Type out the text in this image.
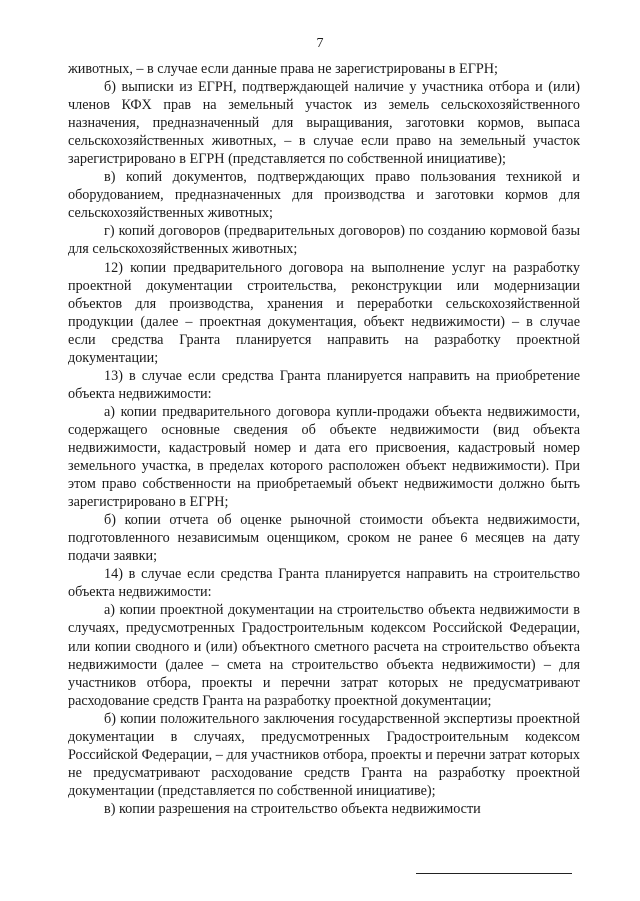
7

животных, – в случае если данные права не зарегистрированы в ЕГРН;

б) выписки из ЕГРН, подтверждающей наличие у участника отбора и (или) членов КФХ прав на земельный участок из земель сельскохозяйственного назначения, предназначенный для выращивания, заготовки кормов, выпаса сельскохозяйственных животных, – в случае если право на земельный участок зарегистрировано в ЕГРН (представляется по собственной инициативе);

в) копий документов, подтверждающих право пользования техникой и оборудованием, предназначенных для производства и заготовки кормов для сельскохозяйственных животных;

г) копий договоров (предварительных договоров) по созданию кормовой базы для сельскохозяйственных животных;

12) копии предварительного договора на выполнение услуг на разработку проектной документации строительства, реконструкции или модернизации объектов для производства, хранения и переработки сельскохозяйственной продукции (далее – проектная документация, объект недвижимости) – в случае если средства Гранта планируется направить на разработку проектной документации;

13) в случае если средства Гранта планируется направить на приобретение объекта недвижимости:

а) копии предварительного договора купли-продажи объекта недвижимости, содержащего основные сведения об объекте недвижимости (вид объекта недвижимости, кадастровый номер и дата его присвоения, кадастровый номер земельного участка, в пределах которого расположен объект недвижимости). При этом право собственности на приобретаемый объект недвижимости должно быть зарегистрировано в ЕГРН;

б) копии отчета об оценке рыночной стоимости объекта недвижимости, подготовленного независимым оценщиком, сроком не ранее 6 месяцев на дату подачи заявки;

14) в случае если средства Гранта планируется направить на строительство объекта недвижимости:

а) копии проектной документации на строительство объекта недвижимости в случаях, предусмотренных Градостроительным кодексом Российской Федерации, или копии сводного и (или) объектного сметного расчета на строительство объекта недвижимости (далее – смета на строительство объекта недвижимости) – для участников отбора, проекты и перечни затрат которых не предусматривают расходование средств Гранта на разработку проектной документации;

б) копии положительного заключения государственной экспертизы проектной документации в случаях, предусмотренных Градостроительным кодексом Российской Федерации, – для участников отбора, проекты и перечни затрат которых не предусматривают расходование средств Гранта на разработку проектной документации (представляется по собственной инициативе);

в) копии разрешения на строительство объекта недвижимости
